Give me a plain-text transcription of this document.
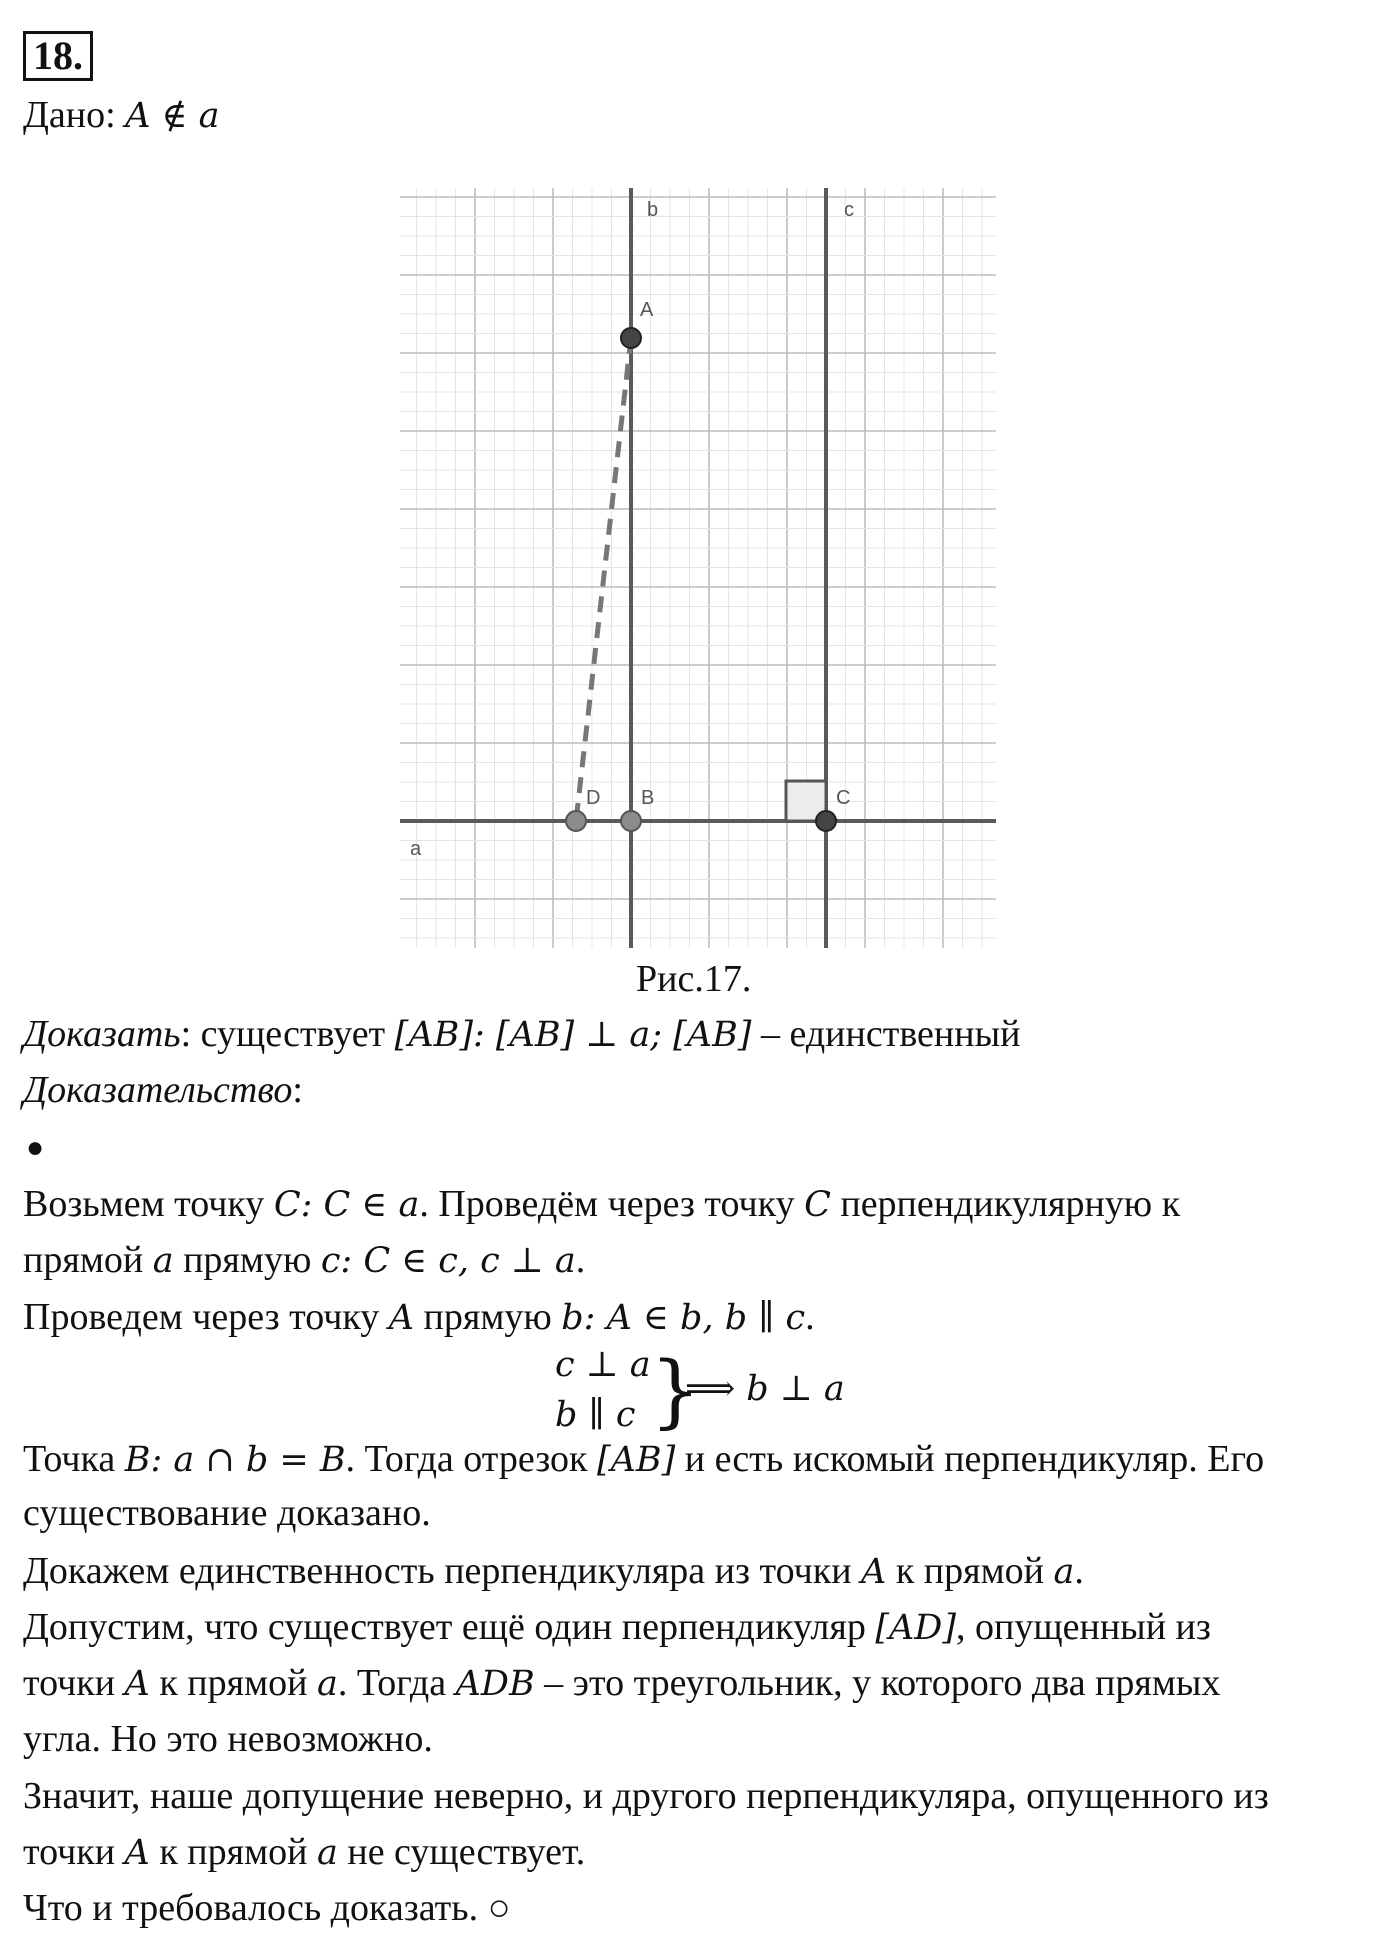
18.
Дано: A ∉ a
b	c
a
A
D B	C
Рис.17.
Доказать: существует [AB]: [AB] ⊥ a; [AB] – единственный
Доказательство:
●
Возьмем точку C: C ∈ a. Проведём через точку C перпендикулярную к
прямой a прямую c: C ∈ c, c ⊥ a.
Проведем через точку A прямую b: A ∈ b, b ∥ c.
c ⊥ a
b ∥ c }
⟹ b ⊥ a
Точка B: a ∩ b = B. Тогда отрезок [AB] и есть искомый перпендикуляр. Его
существование доказано.
Докажем единственность перпендикуляра из точки A к прямой a.
Допустим, что существует ещё один перпендикуляр [AD], опущенный из
точки A к прямой a. Тогда ADB – это треугольник, у которого два прямых
угла. Но это невозможно.
Значит, наше допущение неверно, и другого перпендикуляра, опущенного из
точки A к прямой a не существует.
Что и требовалось доказать. ○
